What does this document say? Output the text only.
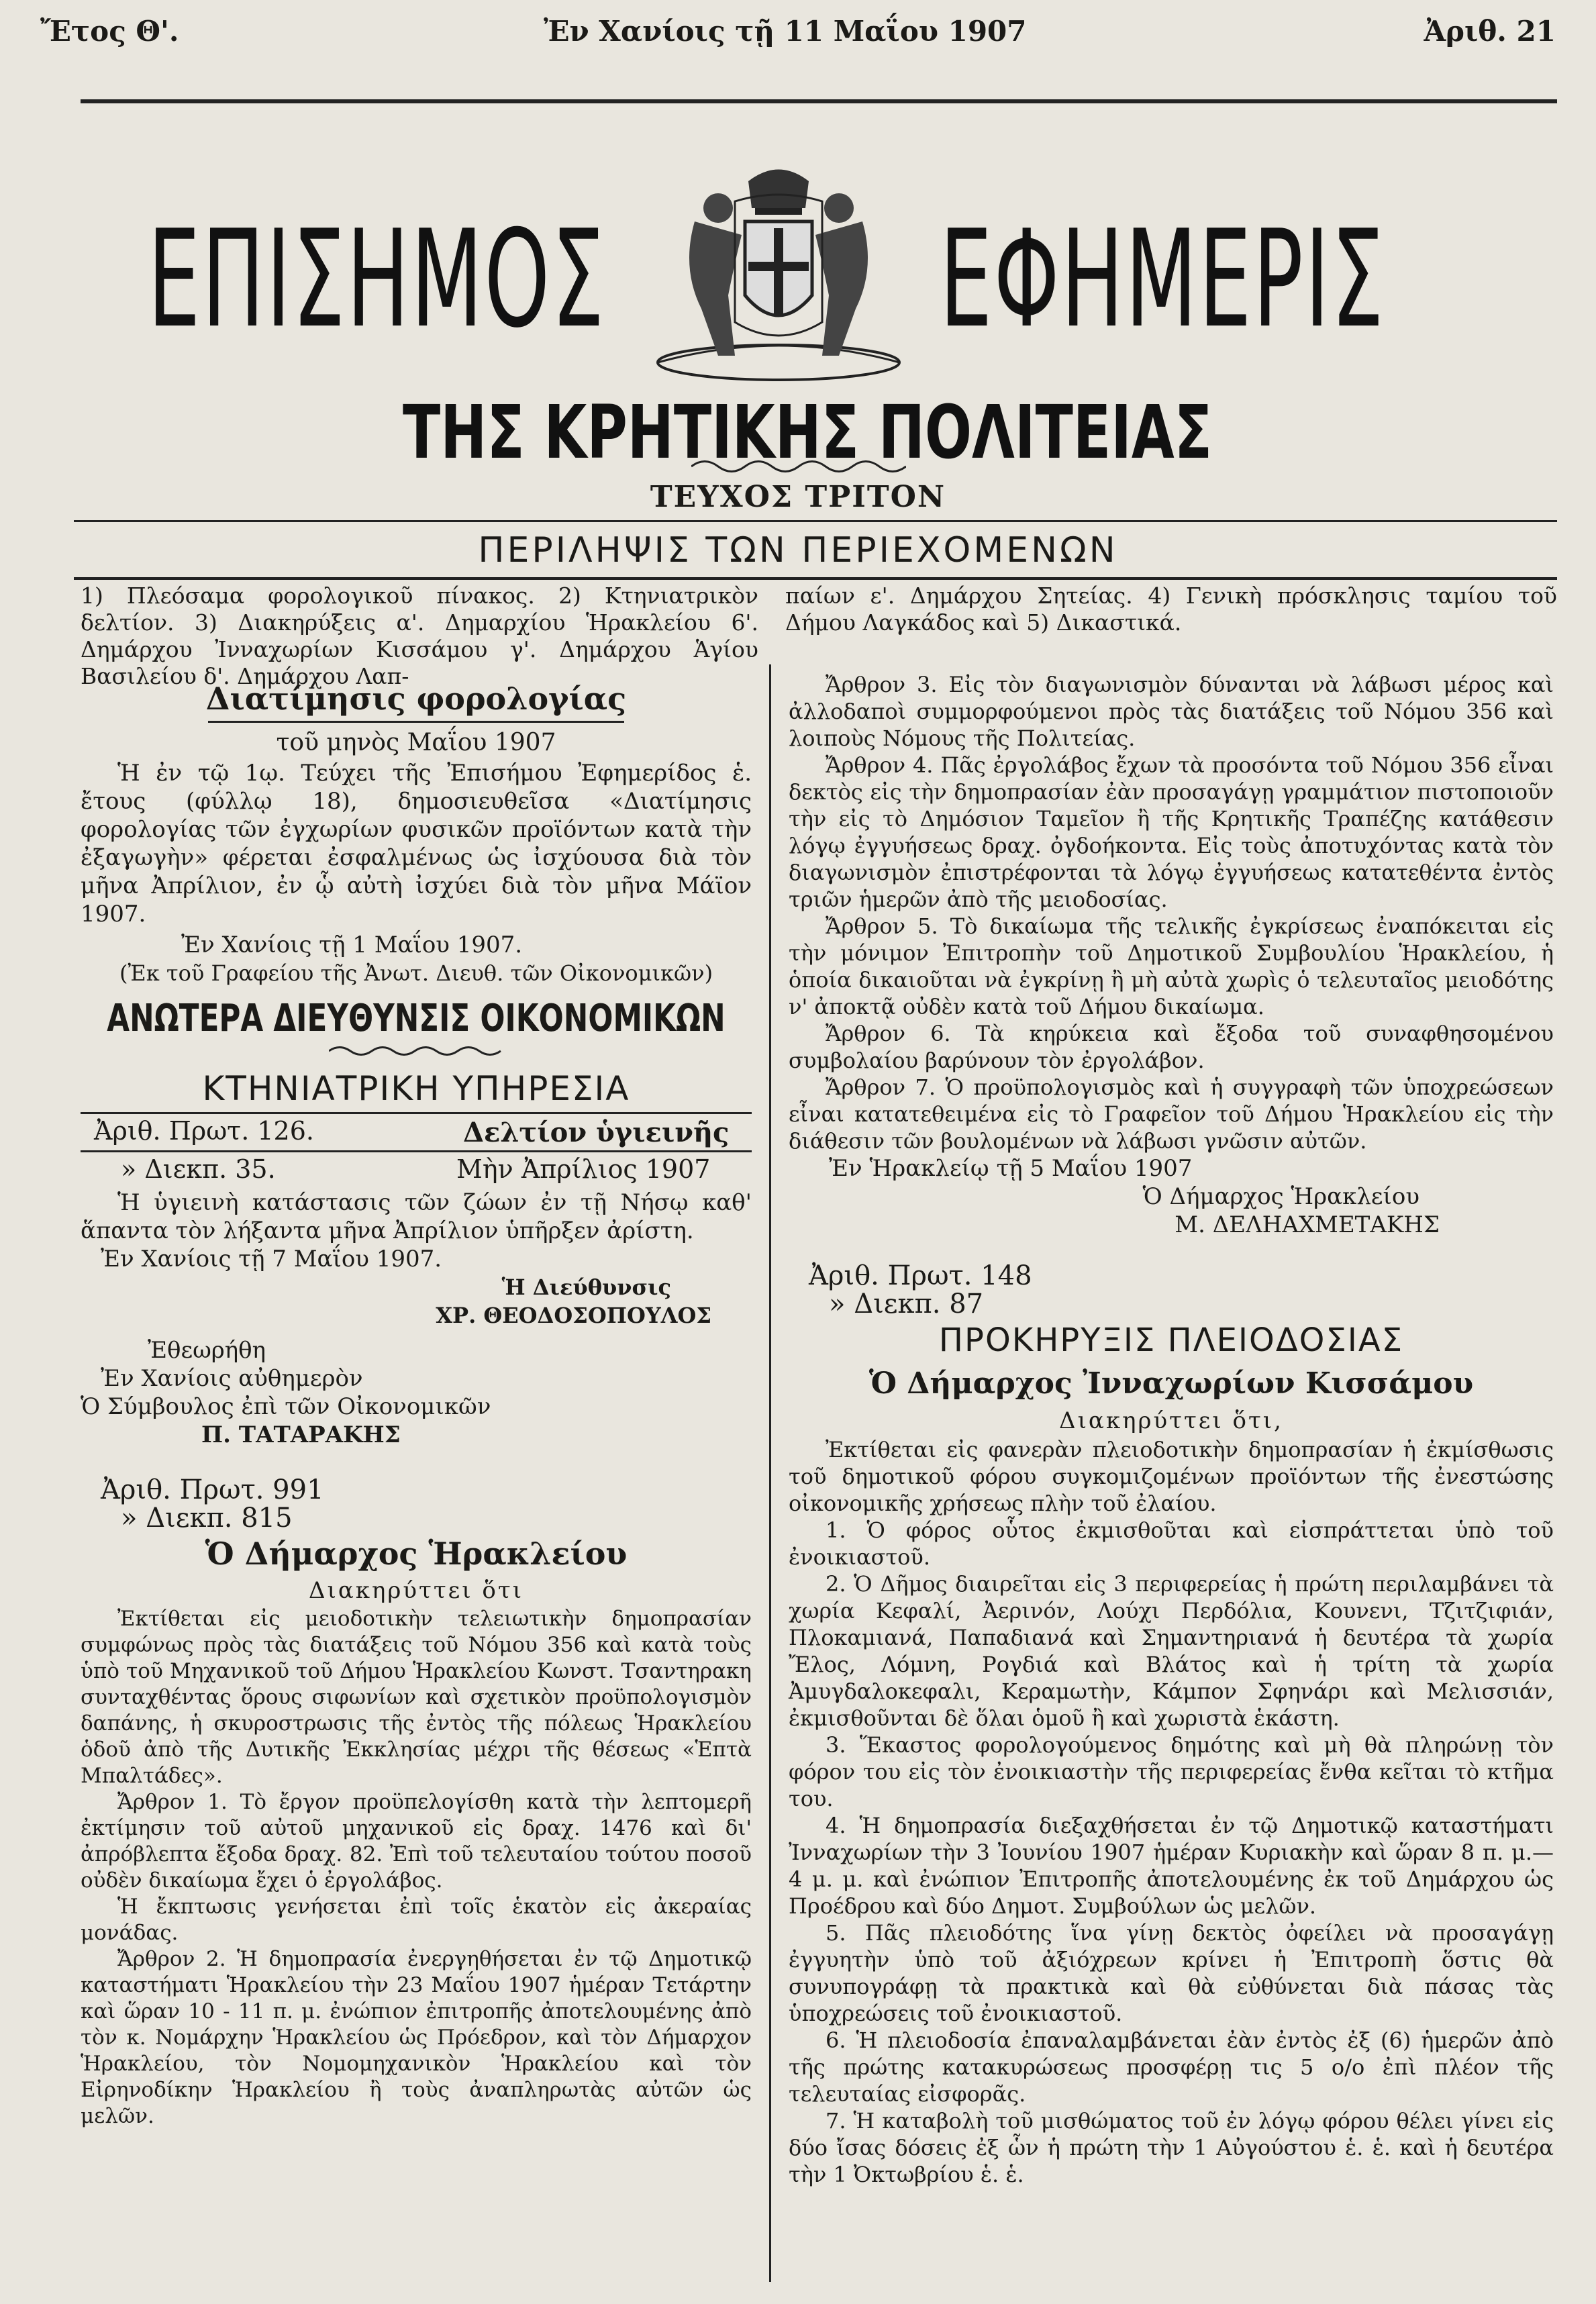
Ἔτος Θ'.	Ἐν Χανίοις τῇ 11 Μαΐου 1907	Ἀριθ. 21
ΕΠΙΣΗΜΟΣ ΕΦΗΜΕΡΙΣ
ΤΗΣ ΚΡΗΤΙΚΗΣ ΠΟΛΙΤΕΙΑΣ
ΤΕΥΧΟΣ ΤΡΙΤΟΝ
ΠΕΡΙΛΗΨΙΣ ΤΩΝ ΠΕΡΙΕΧΟΜΕΝΩΝ

1) Πλεόσαμα φορολογικοῦ πίνακος. 2) Κτηνιατρικὸν δελτίον. 3) Διακηρύξεις α'. Δημαρχίου Ἡρακλείου 6'. Δημάρχου Ἰνναχωρίων Κισσάμου γ'. Δημάρχου Ἁγίου Βασιλείου δ'. Δημάρχου Λαπ-

παίων ε'. Δημάρχου Σητείας. 4) Γενικὴ πρόσκλησις ταμίου τοῦ Δήμου Λαγκάδος καὶ 5) Δικαστικά.

Διατίμησις φορολογίας
τοῦ μηνὸς Μαΐου 1907

Ἡ ἐν τῷ 1ῳ. Τεύχει τῆς Ἐπισήμου Ἐφημερίδος ἑ. ἔτους (φύλλῳ 18), δημοσιευθεῖσα «Διατίμησις φορολογίας τῶν ἐγχωρίων φυσικῶν προϊόντων κατὰ τὴν ἐξαγωγὴν» φέρεται ἐσφαλμένως ὡς ἰσχύουσα διὰ τὸν μῆνα Ἀπρίλιον, ἐν ᾧ αὐτὴ ἰσχύει διὰ τὸν μῆνα Μάϊον 1907.

Ἐν Χανίοις τῇ 1 Μαΐου 1907.

(Ἐκ τοῦ Γραφείου τῆς Ἀνωτ. Διευθ. τῶν Οἰκονομικῶν)

ΑΝΩΤΕΡΑ ΔΙΕΥΘΥΝΣΙΣ ΟΙΚΟΝΟΜΙΚΩΝ
ΚΤΗΝΙΑΤΡΙΚΗ ΥΠΗΡΕΣΙΑ
Ἀριθ. Πρωτ. 126.	Δελτίον ὑγιεινῆς
» Διεκπ. 35.	Μὴν Ἀπρίλιος 1907

Ἡ ὑγιεινὴ κατάστασις τῶν ζώων ἐν τῇ Νήσῳ καθ' ἅπαντα τὸν λήξαντα μῆνα Ἀπρίλιον ὑπῆρξεν ἀρίστη.

Ἐν Χανίοις τῇ 7 Μαΐου 1907.

Ἡ Διεύθυνσις

ΧΡ. ΘΕΟΔΟΣΟΠΟΥΛΟΣ

Ἐθεωρήθη

Ἐν Χανίοις αὐθημερὸν

Ὁ Σύμβουλος ἐπὶ τῶν Οἰκονομικῶν

Π. ΤΑΤΑΡΑΚΗΣ

Ἀριθ. Πρωτ. 991

» Διεκπ. 815

Ὁ Δήμαρχος Ἡρακλείου
Διακηρύττει ὅτι

Ἐκτίθεται εἰς μειοδοτικὴν τελειωτικὴν δημοπρασίαν συμφώνως πρὸς τὰς διατάξεις τοῦ Νόμου 356 καὶ κατὰ τοὺς ὑπὸ τοῦ Μηχανικοῦ τοῦ Δήμου Ἡρακλείου Κωνστ. Τσαντηρακη συνταχθέντας ὅρους σιφωνίων καὶ σχετικὸν προϋπολογισμὸν δαπάνης, ἡ σκυροστρωσις τῆς ἐντὸς τῆς πόλεως Ἡρακλείου ὁδοῦ ἀπὸ τῆς Δυτικῆς Ἐκκλησίας μέχρι τῆς θέσεως «Ἑπτὰ Μπαλτάδες».

Ἄρθρον 1. Τὸ ἔργον προϋπελογίσθη κατὰ τὴν λεπτομερῆ ἐκτίμησιν τοῦ αὐτοῦ μηχανικοῦ εἰς δραχ. 1476 καὶ δι' ἀπρόβλεπτα ἔξοδα δραχ. 82. Ἐπὶ τοῦ τελευταίου τούτου ποσοῦ οὐδὲν δικαίωμα ἔχει ὁ ἐργολάβος.

Ἡ ἔκπτωσις γενήσεται ἐπὶ τοῖς ἑκατὸν εἰς ἀκεραίας μονάδας.

Ἄρθρον 2. Ἡ δημοπρασία ἐνεργηθήσεται ἐν τῷ Δημοτικῷ καταστήματι Ἡρακλείου τὴν 23 Μαΐου 1907 ἡμέραν Τετάρτην καὶ ὥραν 10 - 11 π. μ. ἐνώπιον ἐπιτροπῆς ἀποτελουμένης ἀπὸ τὸν κ. Νομάρχην Ἡρακλείου ὡς Πρόεδρον, καὶ τὸν Δήμαρχον Ἡρακλείου, τὸν Νομομηχανικὸν Ἡρακλείου καὶ τὸν Εἰρηνοδίκην Ἡρακλείου ἢ τοὺς ἀναπληρωτὰς αὐτῶν ὡς μελῶν.

Ἄρθρον 3. Εἰς τὸν διαγωνισμὸν δύνανται νὰ λάβωσι μέρος καὶ ἀλλοδαποὶ συμμορφούμενοι πρὸς τὰς διατάξεις τοῦ Νόμου 356 καὶ λοιποὺς Νόμους τῆς Πολιτείας.

Ἄρθρον 4. Πᾶς ἐργολάβος ἔχων τὰ προσόντα τοῦ Νόμου 356 εἶναι δεκτὸς εἰς τὴν δημοπρασίαν ἐὰν προσαγάγῃ γραμμάτιον πιστοποιοῦν τὴν εἰς τὸ Δημόσιον Ταμεῖον ἢ τῆς Κρητικῆς Τραπέζης κατάθεσιν λόγῳ ἐγγυήσεως δραχ. ὀγδοήκοντα. Εἰς τοὺς ἀποτυχόντας κατὰ τὸν διαγωνισμὸν ἐπιστρέφονται τὰ λόγῳ ἐγγυήσεως κατατεθέντα ἐντὸς τριῶν ἡμερῶν ἀπὸ τῆς μειοδοσίας.

Ἄρθρον 5. Τὸ δικαίωμα τῆς τελικῆς ἐγκρίσεως ἐναπόκειται εἰς τὴν μόνιμον Ἐπιτροπὴν τοῦ Δημοτικοῦ Συμβουλίου Ἡρακλείου, ἡ ὁποία δικαιοῦται νὰ ἐγκρίνῃ ἢ μὴ αὐτὰ χωρὶς ὁ τελευταῖος μειοδότης ν' ἀποκτᾷ οὐδὲν κατὰ τοῦ Δήμου δικαίωμα.

Ἄρθρον 6. Τὰ κηρύκεια καὶ ἔξοδα τοῦ συναφθησομένου συμβολαίου βαρύνουν τὸν ἐργολάβον.

Ἄρθρον 7. Ὁ προϋπολογισμὸς καὶ ἡ συγγραφὴ τῶν ὑποχρεώσεων εἶναι κατατεθειμένα εἰς τὸ Γραφεῖον τοῦ Δήμου Ἡρακλείου εἰς τὴν διάθεσιν τῶν βουλομένων νὰ λάβωσι γνῶσιν αὐτῶν.

Ἐν Ἡρακλείῳ τῇ 5 Μαΐου 1907

Ὁ Δήμαρχος Ἡρακλείου

Μ. ΔΕΛΗΑΧΜΕΤΑΚΗΣ

Ἀριθ. Πρωτ. 148

» Διεκπ. 87

ΠΡΟΚΗΡΥΞΙΣ ΠΛΕΙΟΔΟΣΙΑΣ
Ὁ Δήμαρχος Ἰνναχωρίων Κισσάμου
Διακηρύττει ὅτι,

Ἐκτίθεται εἰς φανερὰν πλειοδοτικὴν δημοπρασίαν ἡ ἐκμίσθωσις τοῦ δημοτικοῦ φόρου συγκομιζομένων προϊόντων τῆς ἐνεστώσης οἰκονομικῆς χρήσεως πλὴν τοῦ ἐλαίου.

1. Ὁ φόρος οὗτος ἐκμισθοῦται καὶ εἰσπράττεται ὑπὸ τοῦ ἐνοικιαστοῦ.

2. Ὁ Δῆμος διαιρεῖται εἰς 3 περιφερείας ἡ πρώτη περιλαμβάνει τὰ χωρία Κεφαλί, Ἀερινόν, Λούχι Περδόλια, Κουνενι, Τζιτζιφιάν, Πλοκαμιανά, Παπαδιανά καὶ Σημαντηριανά ἡ δευτέρα τὰ χωρία Ἔλος, Λόμνη, Ρογδιά καὶ Βλάτος καὶ ἡ τρίτη τὰ χωρία Ἀμυγδαλοκεφαλι, Κεραμωτὴν, Κάμπον Σφηνάρι καὶ Μελισσιάν, ἐκμισθοῦνται δὲ ὅλαι ὁμοῦ ἢ καὶ χωριστὰ ἑκάστη.

3. Ἕκαστος φορολογούμενος δημότης καὶ μὴ θὰ πληρώνῃ τὸν φόρον του εἰς τὸν ἐνοικιαστὴν τῆς περιφερείας ἔνθα κεῖται τὸ κτῆμα του.

4. Ἡ δημοπρασία διεξαχθήσεται ἐν τῷ Δημοτικῷ καταστήματι Ἰνναχωρίων τὴν 3 Ἰουνίου 1907 ἡμέραν Κυριακὴν καὶ ὥραν 8 π. μ.—4 μ. μ. καὶ ἐνώπιον Ἐπιτροπῆς ἀποτελουμένης ἐκ τοῦ Δημάρχου ὡς Προέδρου καὶ δύο Δημοτ. Συμβούλων ὡς μελῶν.

5. Πᾶς πλειοδότης ἵνα γίνῃ δεκτὸς ὀφείλει νὰ προσαγάγῃ ἐγγυητὴν ὑπὸ τοῦ ἀξιόχρεων κρίνει ἡ Ἐπιτροπὴ ὅστις θὰ συνυπογράφῃ τὰ πρακτικὰ καὶ θὰ εὐθύνεται διὰ πάσας τὰς ὑποχρεώσεις τοῦ ἐνοικιαστοῦ.

6. Ἡ πλειοδοσία ἐπαναλαμβάνεται ἐὰν ἐντὸς ἐξ (6) ἡμερῶν ἀπὸ τῆς πρώτης κατακυρώσεως προσφέρῃ τις 5 ο/ο ἐπὶ πλέον τῆς τελευταίας εἰσφορᾶς.

7. Ἡ καταβολὴ τοῦ μισθώματος τοῦ ἐν λόγῳ φόρου θέλει γίνει εἰς δύο ἴσας δόσεις ἐξ ὧν ἡ πρώτη τὴν 1 Αὐγούστου ἑ. ἑ. καὶ ἡ δευτέρα τὴν 1 Ὀκτωβρίου ἑ. ἑ.
